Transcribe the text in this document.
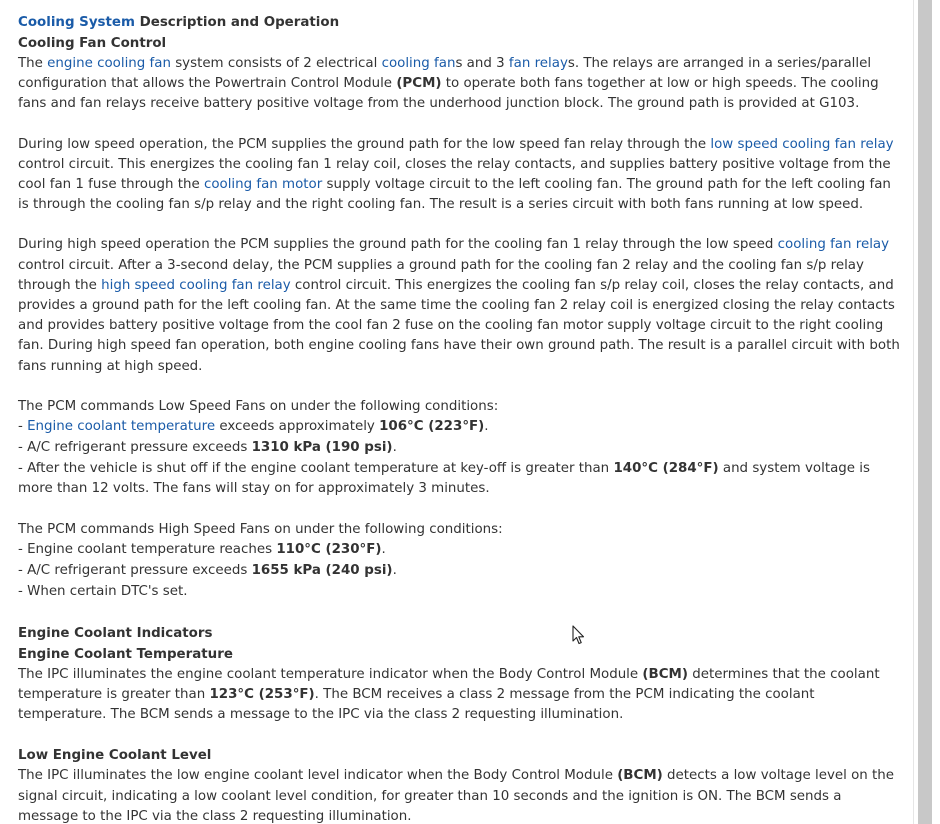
Cooling System Description and Operation
Cooling Fan Control

The engine cooling fan system consists of 2 electrical cooling fans and 3 fan relays. The relays are arranged in a series/parallel configuration that allows the Powertrain Control Module (PCM) to operate both fans together at low or high speeds. The cooling fans and fan relays receive battery positive voltage from the underhood junction block. The ground path is provided at G103.

During low speed operation, the PCM supplies the ground path for the low speed fan relay through the low speed cooling fan relay control circuit. This energizes the cooling fan 1 relay coil, closes the relay contacts, and supplies battery positive voltage from the cool fan 1 fuse through the cooling fan motor supply voltage circuit to the left cooling fan. The ground path for the left cooling fan is through the cooling fan s/p relay and the right cooling fan. The result is a series circuit with both fans running at low speed.

During high speed operation the PCM supplies the ground path for the cooling fan 1 relay through the low speed cooling fan relay control circuit. After a 3-second delay, the PCM supplies a ground path for the cooling fan 2 relay and the cooling fan s/p relay through the high speed cooling fan relay control circuit. This energizes the cooling fan s/p relay coil, closes the relay contacts, and provides a ground path for the left cooling fan. At the same time the cooling fan 2 relay coil is energized closing the relay contacts and provides battery positive voltage from the cool fan 2 fuse on the cooling fan motor supply voltage circuit to the right cooling fan. During high speed fan operation, both engine cooling fans have their own ground path. The result is a parallel circuit with both fans running at high speed.

The PCM commands Low Speed Fans on under the following conditions:

- Engine coolant temperature exceeds approximately 106°C (223°F).

- A/C refrigerant pressure exceeds 1310 kPa (190 psi).

- After the vehicle is shut off if the engine coolant temperature at key-off is greater than 140°C (284°F) and system voltage is more than 12 volts. The fans will stay on for approximately 3 minutes.

The PCM commands High Speed Fans on under the following conditions:

- Engine coolant temperature reaches 110°C (230°F).

- A/C refrigerant pressure exceeds 1655 kPa (240 psi).

- When certain DTC's set.

Engine Coolant Indicators
Engine Coolant Temperature

The IPC illuminates the engine coolant temperature indicator when the Body Control Module (BCM) determines that the coolant temperature is greater than 123°C (253°F). The BCM receives a class 2 message from the PCM indicating the coolant temperature. The BCM sends a message to the IPC via the class 2 requesting illumination.

Low Engine Coolant Level

The IPC illuminates the low engine coolant level indicator when the Body Control Module (BCM) detects a low voltage level on the signal circuit, indicating a low coolant level condition, for greater than 10 seconds and the ignition is ON. The BCM sends a message to the IPC via the class 2 requesting illumination.
